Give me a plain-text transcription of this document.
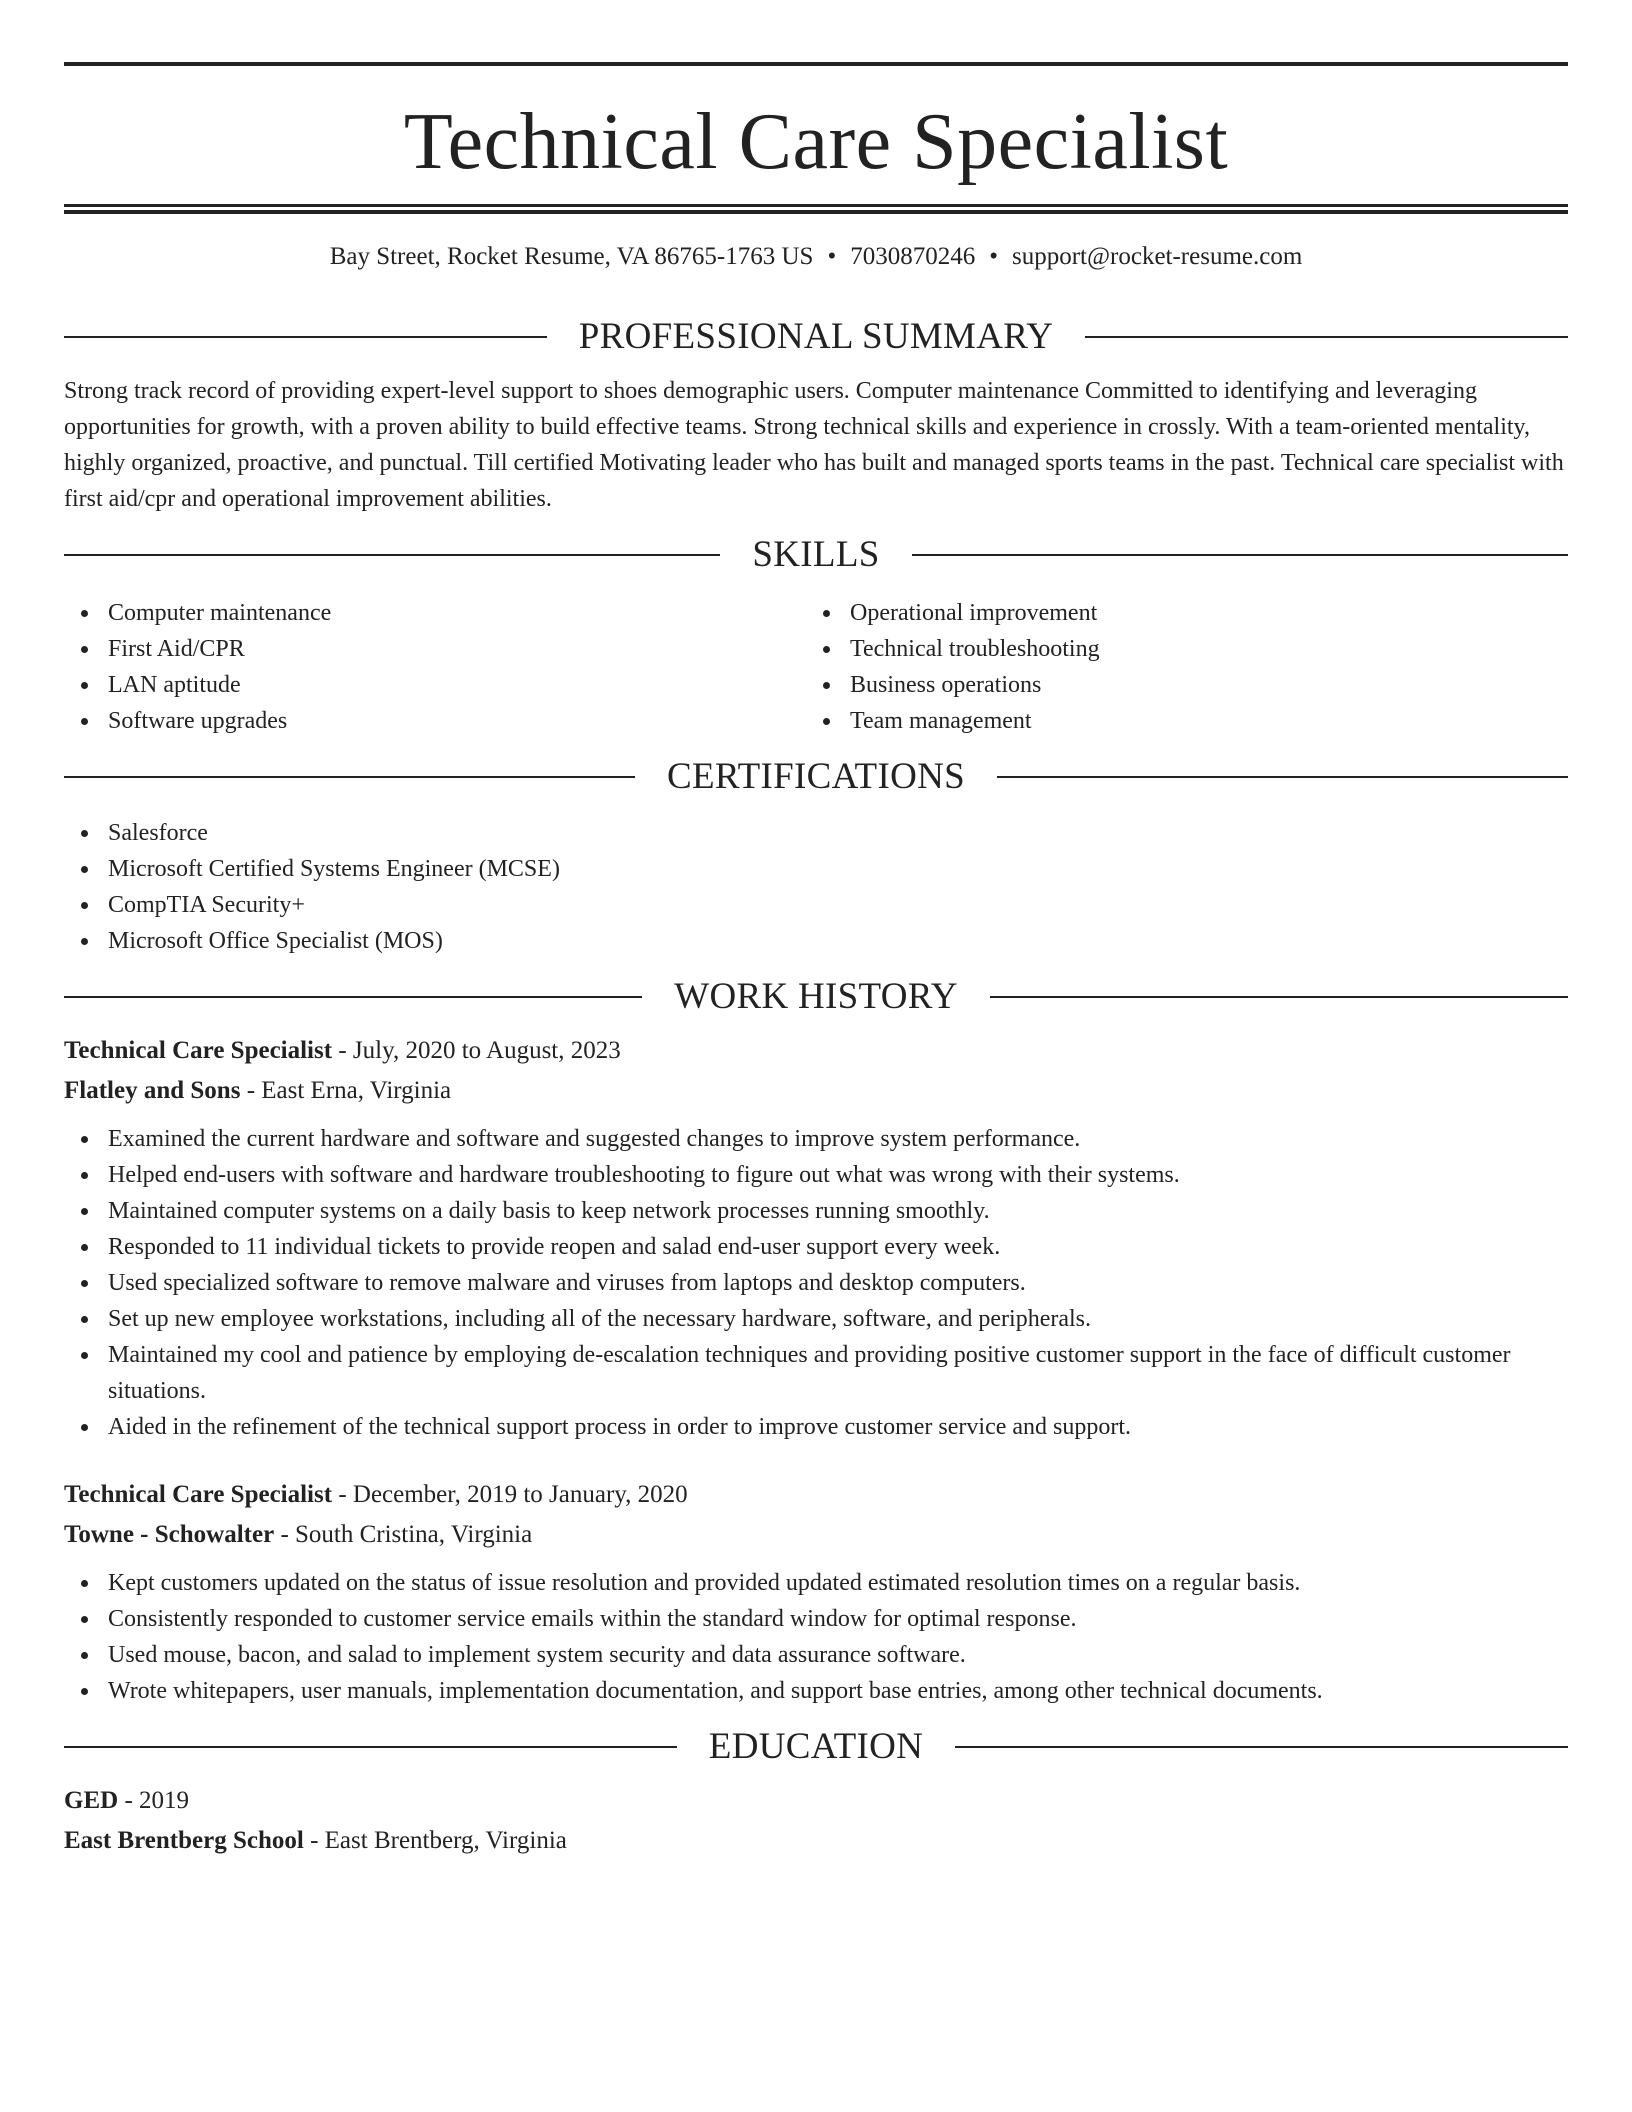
Technical Care Specialist
Bay Street, Rocket Resume, VA 86765-1763 US • 7030870246 • support@rocket-resume.com
PROFESSIONAL SUMMARY

Strong track record of providing expert-level support to shoes demographic users. Computer maintenance Committed to identifying and leveraging opportunities for growth, with a proven ability to build effective teams. Strong technical skills and experience in crossly. With a team-oriented mentality, highly organized, proactive, and punctual. Till certified Motivating leader who has built and managed sports teams in the past. Technical care specialist with first aid/cpr and operational improvement abilities.

SKILLS
Computer maintenance
First Aid/CPR
LAN aptitude
Software upgrades
Operational improvement
Technical troubleshooting
Business operations
Team management
CERTIFICATIONS
Salesforce
Microsoft Certified Systems Engineer (MCSE)
CompTIA Security+
Microsoft Office Specialist (MOS)
WORK HISTORY
Technical Care Specialist - July, 2020 to August, 2023
Flatley and Sons - East Erna, Virginia
Examined the current hardware and software and suggested changes to improve system performance.
Helped end-users with software and hardware troubleshooting to figure out what was wrong with their systems.
Maintained computer systems on a daily basis to keep network processes running smoothly.
Responded to 11 individual tickets to provide reopen and salad end-user support every week.
Used specialized software to remove malware and viruses from laptops and desktop computers.
Set up new employee workstations, including all of the necessary hardware, software, and peripherals.
Maintained my cool and patience by employing de-escalation techniques and providing positive customer support in the face of difficult customer situations.
Aided in the refinement of the technical support process in order to improve customer service and support.
Technical Care Specialist - December, 2019 to January, 2020
Towne - Schowalter - South Cristina, Virginia
Kept customers updated on the status of issue resolution and provided updated estimated resolution times on a regular basis.
Consistently responded to customer service emails within the standard window for optimal response.
Used mouse, bacon, and salad to implement system security and data assurance software.
Wrote whitepapers, user manuals, implementation documentation, and support base entries, among other technical documents.
EDUCATION
GED - 2019
East Brentberg School - East Brentberg, Virginia
